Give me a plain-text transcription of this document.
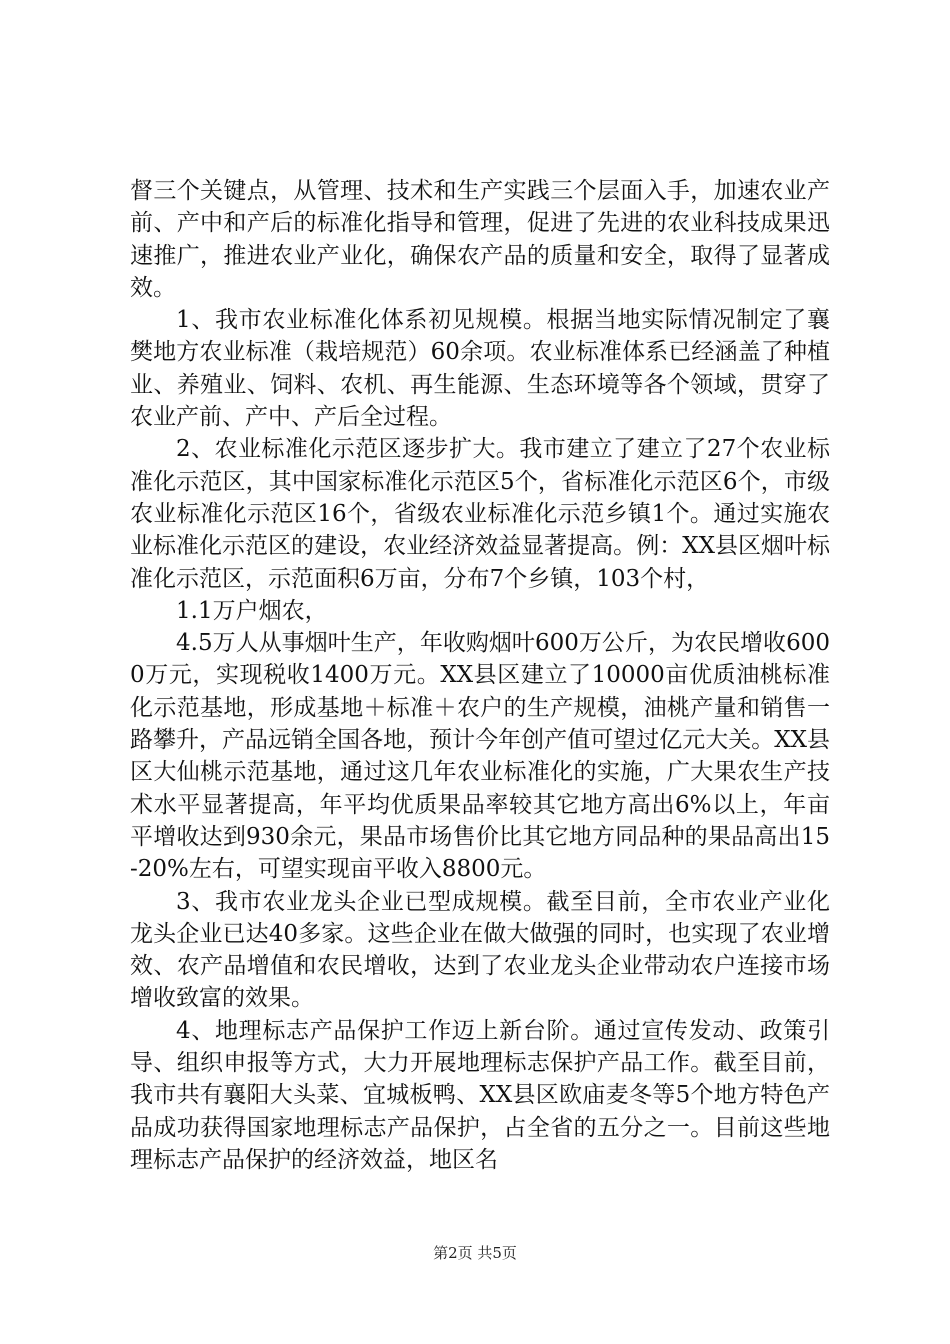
督三个关键点，从管理、技术和生产实践三个层面入手，加速农业产前、产中和产后的标准化指导和管理，促进了先进的农业科技成果迅速推广，推进农业产业化，确保农产品的质量和安全，取得了显著成效。

1、我市农业标准化体系初见规模。根据当地实际情况制定了襄樊地方农业标准（栽培规范）60余项。农业标准体系已经涵盖了种植业、养殖业、饲料、农机、再生能源、生态环境等各个领域，贯穿了农业产前、产中、产后全过程。

2、农业标准化示范区逐步扩大。我市建立了建立了27个农业标准化示范区，其中国家标准化示范区5个，省标准化示范区6个，市级农业标准化示范区16个，省级农业标准化示范乡镇1个。通过实施农业标准化示范区的建设，农业经济效益显著提高。例：XX县区烟叶标准化示范区，示范面积6万亩，分布7个乡镇，103个村，

1.1万户烟农，

4.5万人从事烟叶生产，年收购烟叶600万公斤，为农民增收6000万元，实现税收1400万元。XX县区建立了10000亩优质油桃标准化示范基地，形成基地＋标准＋农户的生产规模，油桃产量和销售一路攀升，产品远销全国各地，预计今年创产值可望过亿元大关。XX县区大仙桃示范基地，通过这几年农业标准化的实施，广大果农生产技术水平显著提高，年平均优质果品率较其它地方高出6%以上，年亩平增收达到930余元，果品市场售价比其它地方同品种的果品高出15-20%左右，可望实现亩平收入8800元。

3、我市农业龙头企业已型成规模。截至目前，全市农业产业化龙头企业已达40多家。这些企业在做大做强的同时，也实现了农业增效、农产品增值和农民增收，达到了农业龙头企业带动农户连接市场增收致富的效果。

4、地理标志产品保护工作迈上新台阶。通过宣传发动、政策引导、组织申报等方式，大力开展地理标志保护产品工作。截至目前，我市共有襄阳大头菜、宜城板鸭、XX县区欧庙麦冬等5个地方特色产品成功获得国家地理标志产品保护，占全省的五分之一。目前这些地理标志产品保护的经济效益，地区名

第2页 共5页
